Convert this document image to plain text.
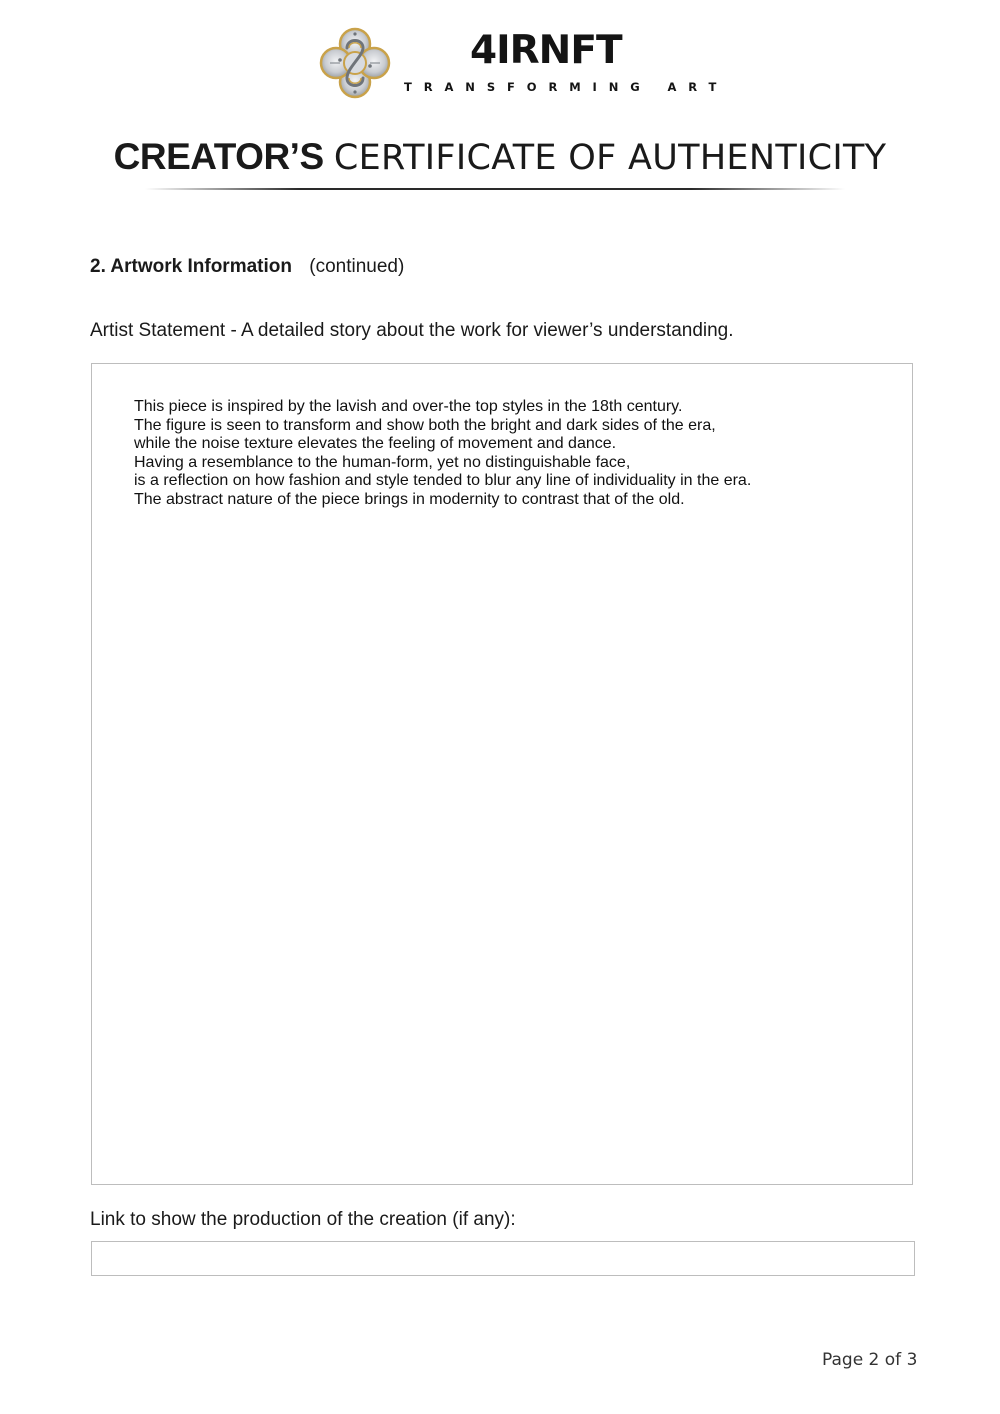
4IRNFT
TRANSFORMING ART
CREATOR’S CERTIFICATE OF AUTHENTICITY
2. Artwork Information (continued)
Artist Statement - A detailed story about the work for viewer’s understanding.
This piece is inspired by the lavish and over-the top styles in the 18th century.
The figure is seen to transform and show both the bright and dark sides of the era,
while the noise texture elevates the feeling of movement and dance.
Having a resemblance to the human-form, yet no distinguishable face,
is a reflection on how fashion and style tended to blur any line of individuality in the era.
The abstract nature of the piece brings in modernity to contrast that of the old.
Link to show the production of the creation (if any):
Page 2 of 3
